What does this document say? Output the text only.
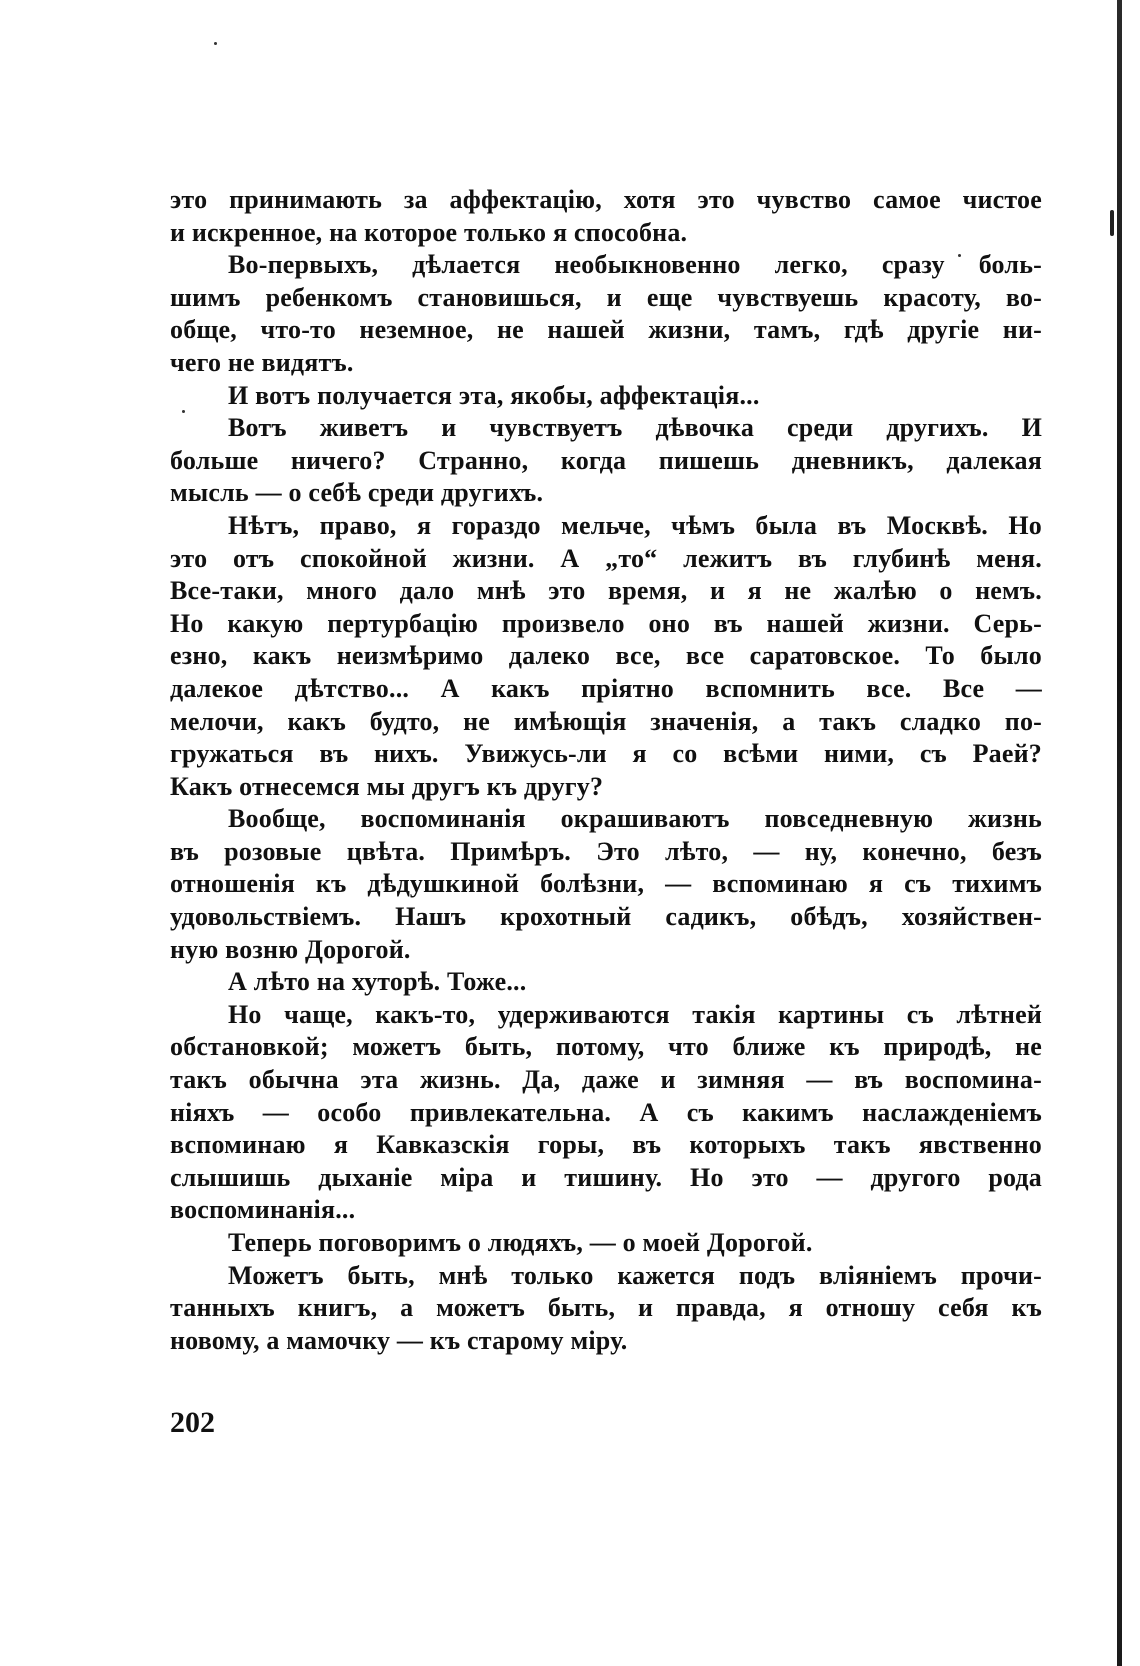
это принимають за аффектацію, хотя это чувство самое чистое
и искренное, на которое только я способна.
Во-первыхъ, дѣлается необыкновенно легко, сразу боль-
шимъ ребенкомъ становишься, и еще чувствуешь красоту, во-
обще, что-то неземное, не нашей жизни, тамъ, гдѣ другіе ни-
чего не видятъ.
И вотъ получается эта, якобы, аффектація...
Вотъ живетъ и чувствуетъ дѣвочка среди другихъ. И
больше ничего? Странно, когда пишешь дневникъ, далекая
мысль — о себѣ среди другихъ.
Нѣтъ, право, я гораздо мельче, чѣмъ была въ Москвѣ. Но
это отъ спокойной жизни. А „то“ лежитъ въ глубинѣ меня.
Все-таки, много дало мнѣ это время, и я не жалѣю о немъ.
Но какую пертурбацію произвело оно въ нашей жизни. Серь-
езно, какъ неизмѣримо далеко все, все саратовское. То было
далекое дѣтство... А какъ пріятно вспомнить все. Все —
мелочи, какъ будто, не имѣющія значенія, а такъ сладко по-
гружаться въ нихъ. Увижусь-ли я со всѣми ними, съ Раей?
Какъ отнесемся мы другъ къ другу?
Вообще, воспоминанія окрашиваютъ повседневную жизнь
въ розовые цвѣта. Примѣръ. Это лѣто, — ну, конечно, безъ
отношенія къ дѣдушкиной болѣзни, — вспоминаю я съ тихимъ
удовольствіемъ. Нашъ крохотный садикъ, обѣдъ, хозяйствен-
ную возню Дорогой.
А лѣто на хуторѣ. Тоже...
Но чаще, какъ-то, удерживаются такія картины съ лѣтней
обстановкой; можетъ быть, потому, что ближе къ природѣ, не
такъ обычна эта жизнь. Да, даже и зимняя — въ воспомина-
ніяхъ — особо привлекательна. А съ какимъ наслажденіемъ
вспоминаю я Кавказскія горы, въ которыхъ такъ явственно
слышишь дыханіе міра и тишину. Но это — другого рода
воспоминанія...
Теперь поговоримъ о людяхъ, — о моей Дорогой.
Можетъ быть, мнѣ только кажется подъ вліяніемъ прочи-
танныхъ книгъ, а можетъ быть, и правда, я отношу себя къ
новому, а мамочку — къ старому міру.
202
